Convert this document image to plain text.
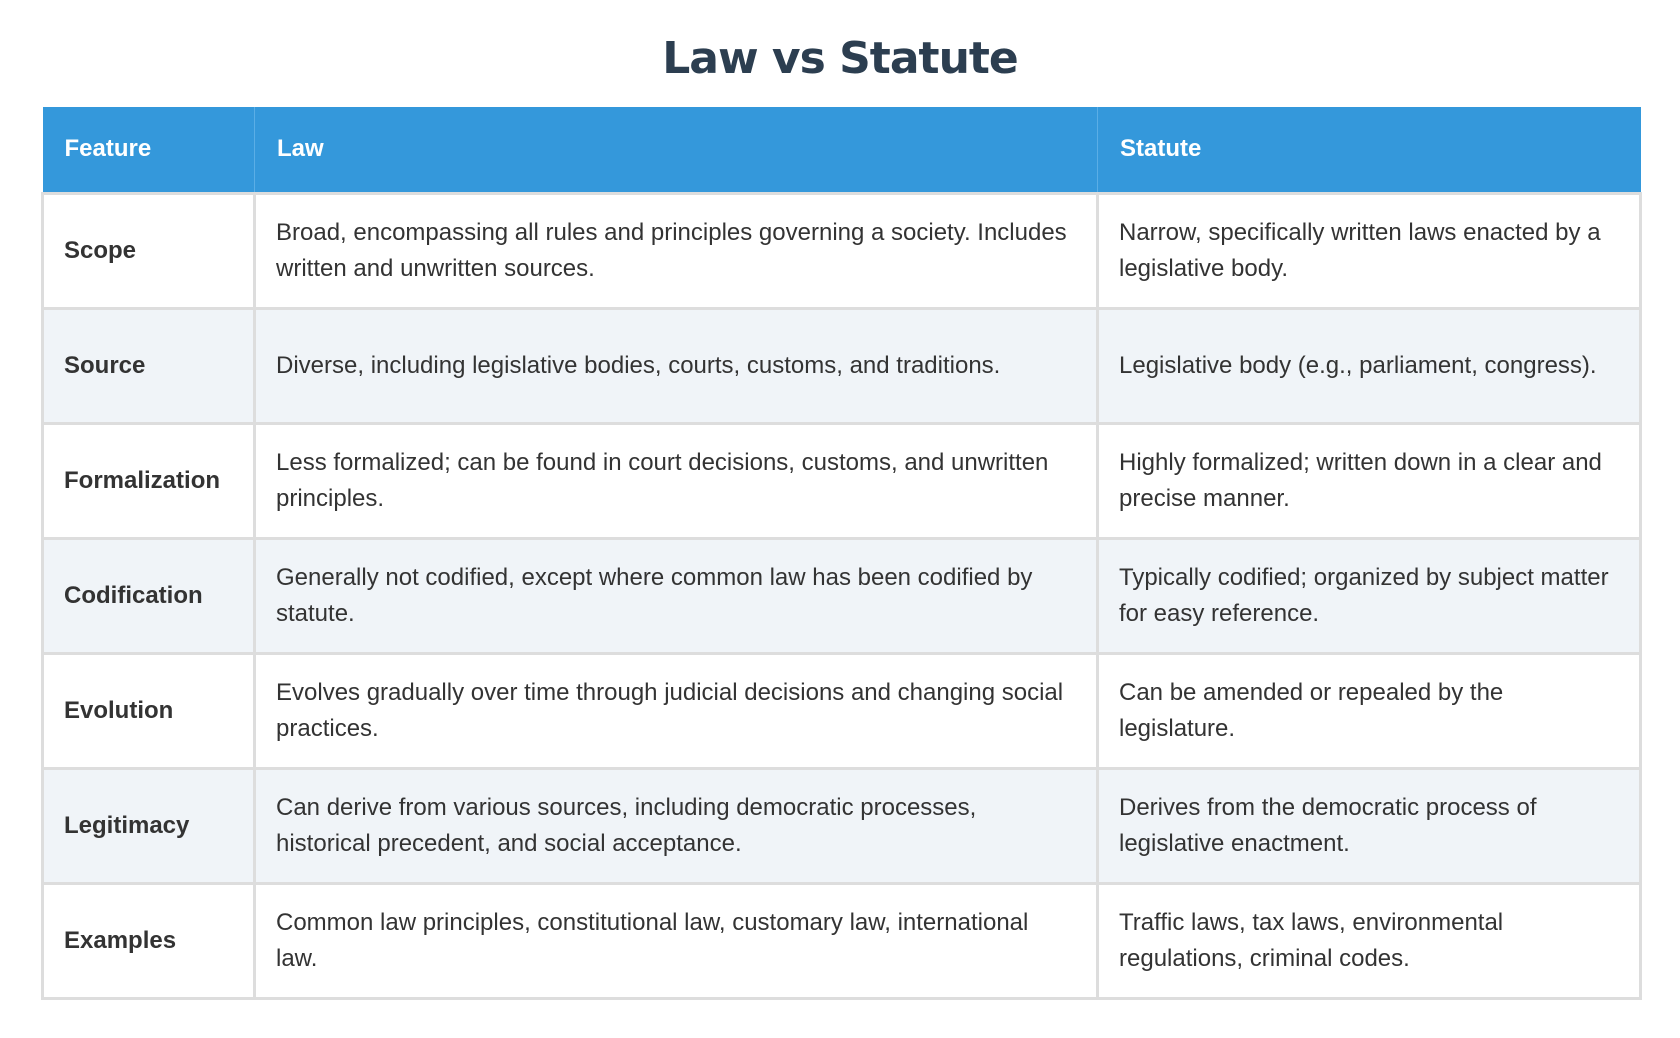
Law vs Statute
Feature	Law	Statute
Scope	Broad, encompassing all rules and principles governing a society. Includes written and unwritten sources.	Narrow, specifically written laws enacted by a legislative body.
Source	Diverse, including legislative bodies, courts, customs, and traditions.	Legislative body (e.g., parliament, congress).
Formalization	Less formalized; can be found in court decisions, customs, and unwritten principles.	Highly formalized; written down in a clear and precise manner.
Codification	Generally not codified, except where common law has been codified by statute.	Typically codified; organized by subject matter for easy reference.
Evolution	Evolves gradually over time through judicial decisions and changing social practices.	Can be amended or repealed by the legislature.
Legitimacy	Can derive from various sources, including democratic processes, historical precedent, and social acceptance.	Derives from the democratic process of legislative enactment.
Examples	Common law principles, constitutional law, customary law, international law.	Traffic laws, tax laws, environmental regulations, criminal codes.
